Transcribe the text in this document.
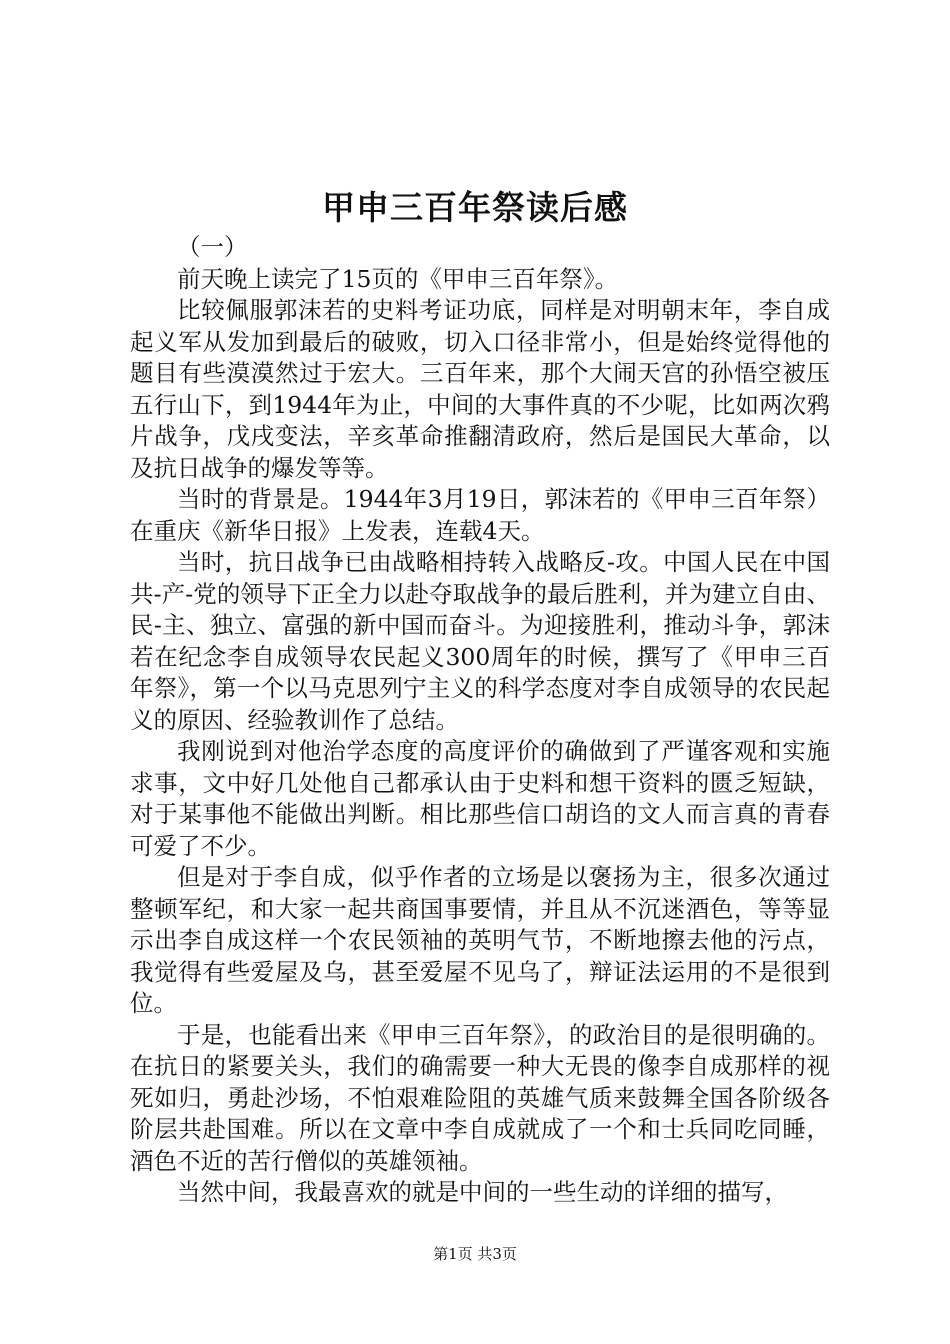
甲申三百年祭读后感

（一）

前天晚上读完了15页的《甲申三百年祭》。

比较佩服郭沫若的史料考证功底，同样是对明朝末年，李自成起义军从发加到最后的破败，切入口径非常小，但是始终觉得他的题目有些漠漠然过于宏大。三百年来，那个大闹天宫的孙悟空被压五行山下，到1944年为止，中间的大事件真的不少呢，比如两次鸦片战争，戊戌变法，辛亥革命推翻清政府，然后是国民大革命，以及抗日战争的爆发等等。

当时的背景是。1944年3月19日，郭沫若的《甲申三百年祭）在重庆《新华日报》上发表，连载4天。

当时，抗日战争已由战略相持转入战略反-攻。中国人民在中国共-产-党的领导下正全力以赴夺取战争的最后胜利，并为建立自由、民-主、独立、富强的新中国而奋斗。为迎接胜利，推动斗争，郭沫若在纪念李自成领导农民起义300周年的时候，撰写了《甲申三百年祭》，第一个以马克思列宁主义的科学态度对李自成领导的农民起义的原因、经验教训作了总结。

我刚说到对他治学态度的高度评价的确做到了严谨客观和实施求事，文中好几处他自己都承认由于史料和想干资料的匮乏短缺，对于某事他不能做出判断。相比那些信口胡诌的文人而言真的青春可爱了不少。

但是对于李自成，似乎作者的立场是以褒扬为主，很多次通过整顿军纪，和大家一起共商国事要情，并且从不沉迷酒色，等等显示出李自成这样一个农民领袖的英明气节，不断地擦去他的污点，我觉得有些爱屋及乌，甚至爱屋不见乌了，辩证法运用的不是很到位。

于是，也能看出来《甲申三百年祭》，的政治目的是很明确的。在抗日的紧要关头，我们的确需要一种大无畏的像李自成那样的视死如归，勇赴沙场，不怕艰难险阻的英雄气质来鼓舞全国各阶级各阶层共赴国难。所以在文章中李自成就成了一个和士兵同吃同睡，酒色不近的苦行僧似的英雄领袖。

当然中间，我最喜欢的就是中间的一些生动的详细的描写，

第1页 共3页
